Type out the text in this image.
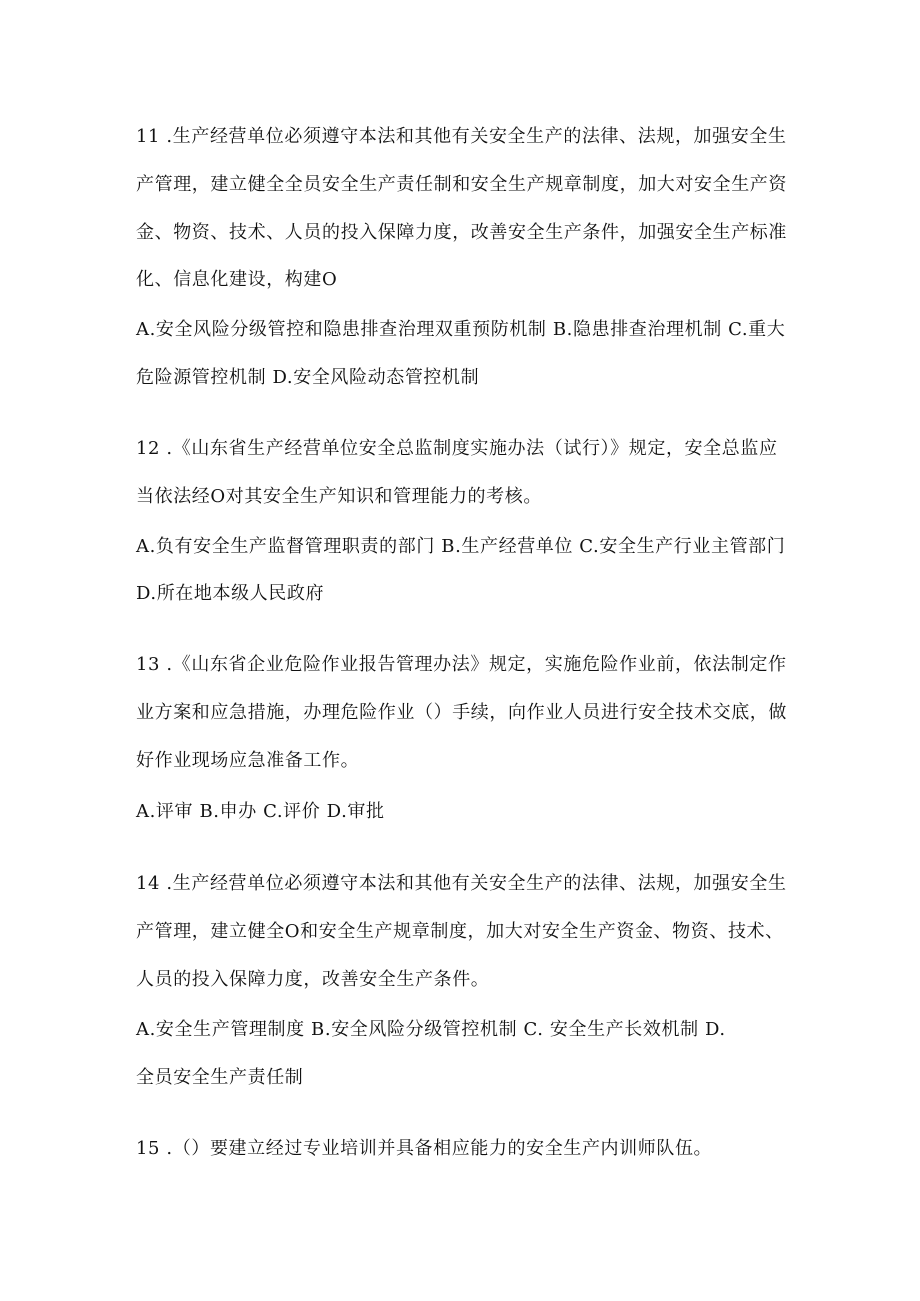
11 .生产经营单位必须遵守本法和其他有关安全生产的法律、法规，加强安全生
产管理，建立健全全员安全生产责任制和安全生产规章制度，加大对安全生产资
金、物资、技术、人员的投入保障力度，改善安全生产条件，加强安全生产标准
化、信息化建设，构建O
A.安全风险分级管控和隐患排查治理双重预防机制 B.隐患排查治理机制 C.重大
危险源管控机制 D.安全风险动态管控机制
12 .《山东省生产经营单位安全总监制度实施办法（试行）》规定，安全总监应
当依法经O对其安全生产知识和管理能力的考核。
A.负有安全生产监督管理职责的部门 B.生产经营单位 C.安全生产行业主管部门
D.所在地本级人民政府
13 .《山东省企业危险作业报告管理办法》规定，实施危险作业前，依法制定作
业方案和应急措施，办理危险作业（）手续，向作业人员进行安全技术交底，做
好作业现场应急准备工作。
A.评审 B.申办 C.评价 D.审批
14 .生产经营单位必须遵守本法和其他有关安全生产的法律、法规，加强安全生
产管理，建立健全O和安全生产规章制度，加大对安全生产资金、物资、技术、
人员的投入保障力度，改善安全生产条件。
A.安全生产管理制度 B.安全风险分级管控机制 C. 安全生产长效机制 D.
全员安全生产责任制
15 .（）要建立经过专业培训并具备相应能力的安全生产内训师队伍。
